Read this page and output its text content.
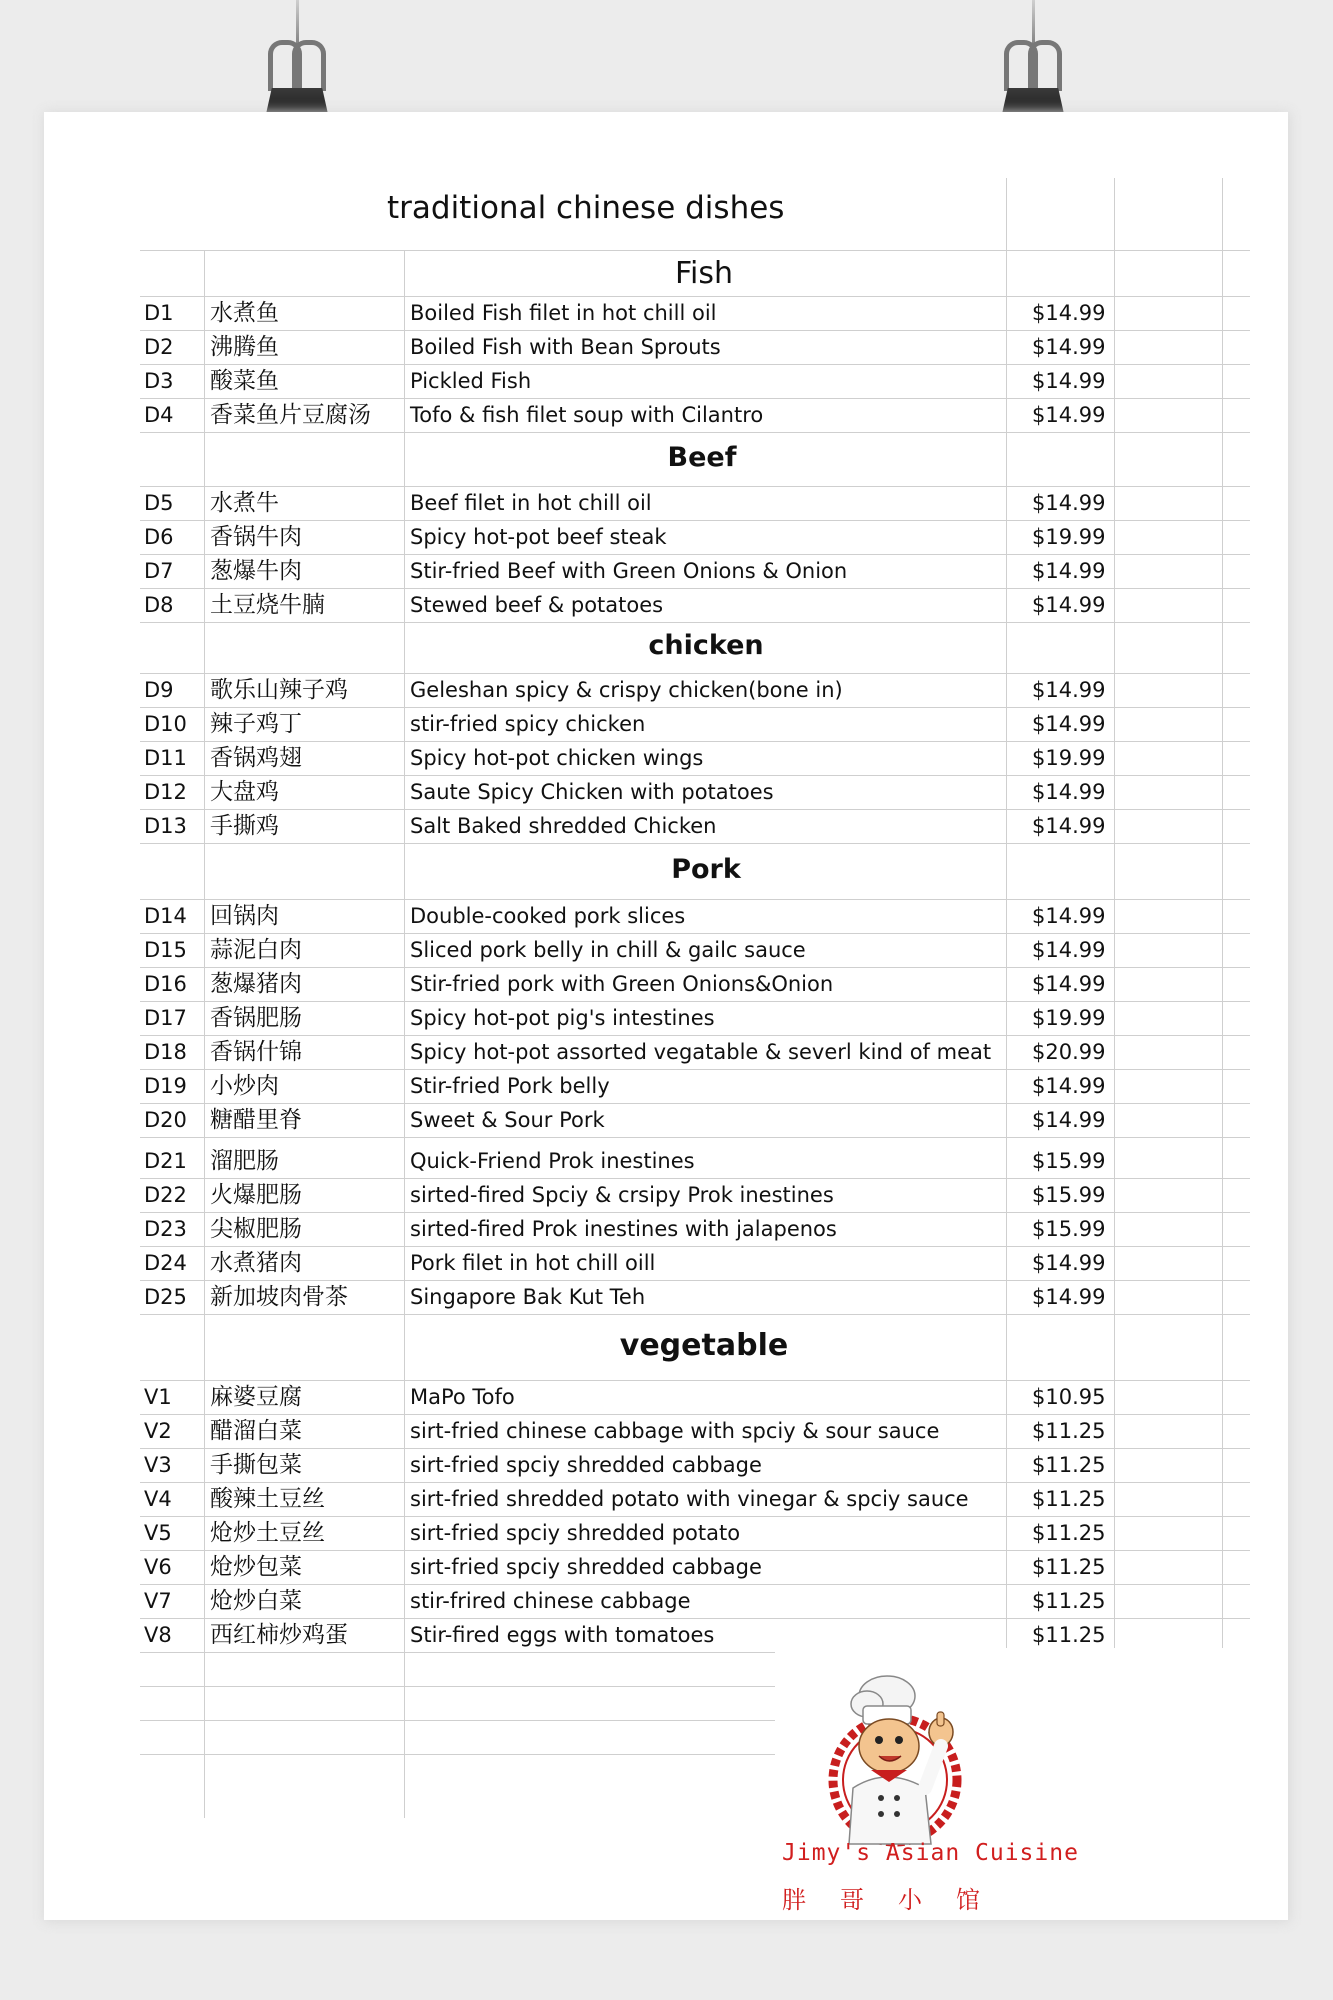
traditional chinese dishes
Fish
Beef
chicken
Pork
vegetable
D1 水煮鱼	Boiled Fish filet in hot chill oil	$14.99
D2 沸腾鱼	Boiled Fish with Bean Sprouts	$14.99
D3 酸菜鱼	Pickled Fish	$14.99
D4 香菜鱼片豆腐汤 Tofo & fish filet soup with Cilantro	$14.99
D5 水煮牛	Beef filet in hot chill oil	$14.99
D6 香锅牛肉	Spicy hot-pot beef steak	$19.99
D7 葱爆牛肉	Stir-fried Beef with Green Onions & Onion	$14.99
D8 土豆烧牛腩	Stewed beef & potatoes	$14.99
D9 歌乐山辣子鸡	Geleshan spicy & crispy chicken(bone in)	$14.99
D10 辣子鸡丁	stir-fried spicy chicken	$14.99
D11 香锅鸡翅	Spicy hot-pot chicken wings	$19.99
D12 大盘鸡	Saute Spicy Chicken with potatoes	$14.99
D13 手撕鸡	Salt Baked shredded Chicken	$14.99
D14 回锅肉	Double-cooked pork slices	$14.99
D15 蒜泥白肉	Sliced pork belly in chill & gailc sauce	$14.99
D16 葱爆猪肉	Stir-fried pork with Green Onions&Onion	$14.99
D17 香锅肥肠	Spicy hot-pot pig's intestines	$19.99
D18 香锅什锦	Spicy hot-pot assorted vegatable & severl kind of meat $20.99
D19 小炒肉	Stir-fried Pork belly	$14.99
D20 糖醋里脊	Sweet & Sour Pork	$14.99
D21 溜肥肠	Quick-Friend Prok inestines	$15.99
D22 火爆肥肠	sirted-fired Spciy & crsipy Prok inestines	$15.99
D23 尖椒肥肠	sirted-fired Prok inestines with jalapenos	$15.99
D24 水煮猪肉	Pork filet in hot chill oill	$14.99
D25 新加坡肉骨茶	Singapore Bak Kut Teh	$14.99
V1 麻婆豆腐	MaPo Tofo	$10.95
V2 醋溜白菜	sirt-fried chinese cabbage with spciy & sour sauce	$11.25
V3 手撕包菜	sirt-fried spciy shredded cabbage	$11.25
V4 酸辣土豆丝	sirt-fried shredded potato with vinegar & spciy sauce	$11.25
V5 炝炒土豆丝	sirt-fried spciy shredded potato	$11.25
V6 炝炒包菜	sirt-fried spciy shredded cabbage	$11.25
V7 炝炒白菜	stir-frired chinese cabbage	$11.25
V8 西红柿炒鸡蛋	Stir-fired eggs with tomatoes	$11.25
Jimy's Asian Cuisine
胖哥小馆
